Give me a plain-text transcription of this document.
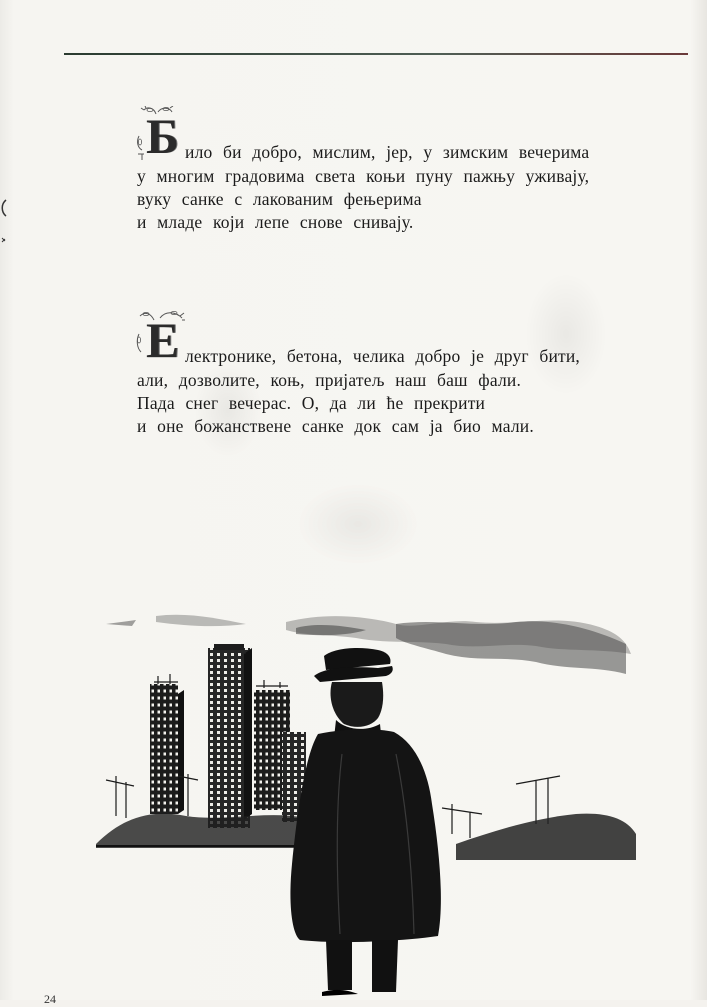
Б ило би добро, мислим, јер, у зимским вечерима
у многим градовима света коњи пуну пажњу уживају,
вуку санке с лакованим фењерима
и младе који лепе снове снивају.
Е лектронике, бетона, челика добро је друг бити,
али, дозволите, коњ, пријатељ наш баш фали.
Пада снег вечерас. О, да ли ће прекрити
и оне божанствене санке док сам ја био мали.
24
